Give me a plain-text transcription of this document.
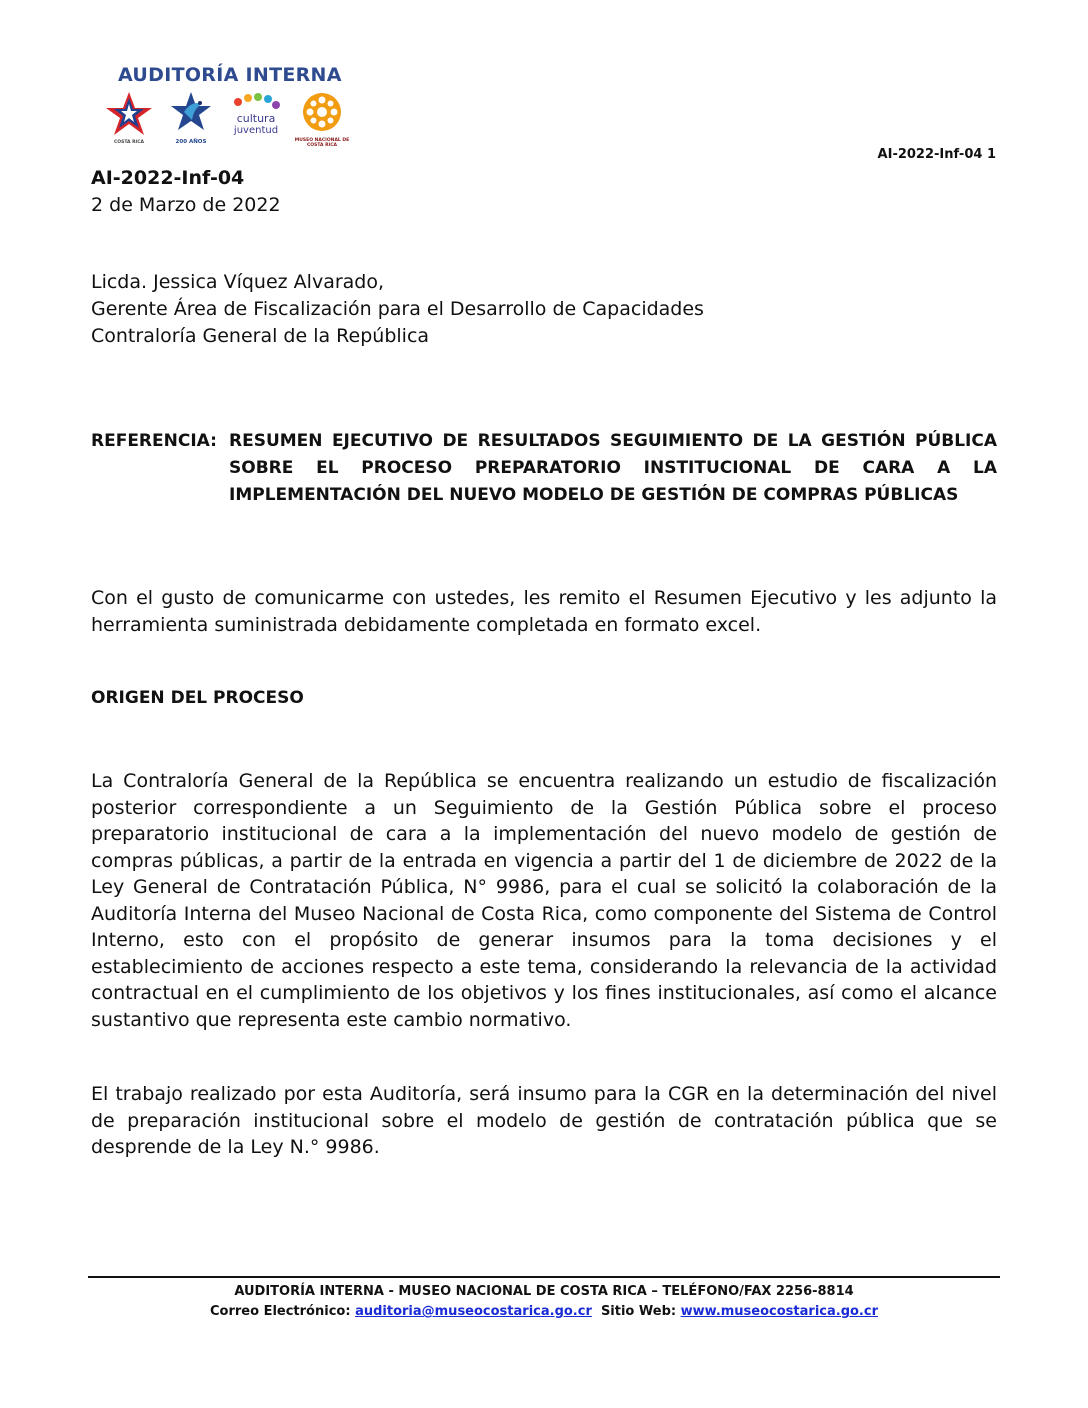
AUDITORÍA INTERNA
COSTA RICA	200 AÑOS
cultura
juventud
MUSEO NACIONAL DE COSTA RICA
AI-2022-Inf-04 1
AI-2022-Inf-04
2 de Marzo de 2022
Licda. Jessica Víquez Alvarado,
Gerente Área de Fiscalización para el Desarrollo de Capacidades
Contraloría General de la República
REFERENCIA: RESUMEN EJECUTIVO DE RESULTADOS SEGUIMIENTO DE LA GESTIÓN PÚBLICA SOBRE EL PROCESO PREPARATORIO INSTITUCIONAL DE CARA A LA IMPLEMENTACIÓN DEL NUEVO MODELO DE GESTIÓN DE COMPRAS PÚBLICAS
Con el gusto de comunicarme con ustedes, les remito el Resumen Ejecutivo y les adjunto la herramienta suministrada debidamente completada en formato excel.
ORIGEN DEL PROCESO
La Contraloría General de la República se encuentra realizando un estudio de fiscalización posterior correspondiente a un Seguimiento de la Gestión Pública sobre el proceso preparatorio institucional de cara a la implementación del nuevo modelo de gestión de compras públicas, a partir de la entrada en vigencia a partir del 1 de diciembre de 2022 de la Ley General de Contratación Pública, N° 9986, para el cual se solicitó la colaboración de la Auditoría Interna del Museo Nacional de Costa Rica, como componente del Sistema de Control Interno, esto con el propósito de generar insumos para la toma decisiones y el establecimiento de acciones respecto a este tema, considerando la relevancia de la actividad contractual en el cumplimiento de los objetivos y los fines institucionales, así como el alcance sustantivo que representa este cambio normativo.
El trabajo realizado por esta Auditoría, será insumo para la CGR en la determinación del nivel de preparación institucional sobre el modelo de gestión de contratación pública que se desprende de la Ley N.° 9986.
AUDITORÍA INTERNA - MUSEO NACIONAL DE COSTA RICA – TELÉFONO/FAX 2256-8814
Correo Electrónico: auditoria@museocostarica.go.cr Sitio Web: www.museocostarica.go.cr
